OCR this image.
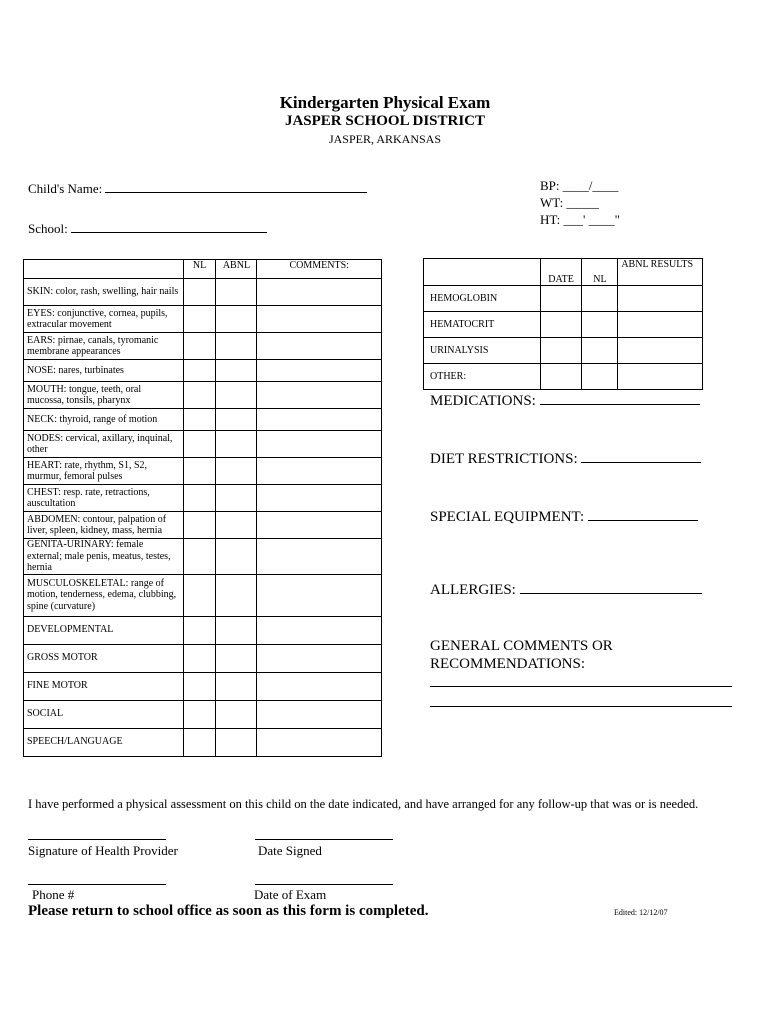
Kindergarten Physical Exam
JASPER SCHOOL DISTRICT
JASPER, ARKANSAS
Child's Name:
School:
BP: ____/____
WT: _____
HT: ___' ____"
	NL	ABNL	COMMENTS:
SKIN: color, rash, swelling, hair nails			
EYES: conjunctive, cornea, pupils, extracular movement			
EARS: pirnae, canals, tyromanic membrane appearances			
NOSE: nares, turbinates			
MOUTH: tongue, teeth, oral mucossa, tonsils, pharynx			
NECK: thyroid, range of motion			
NODES: cervical, axillary, inquinal, other			
HEART: rate, rhythm, S1, S2, murmur, femoral pulses			
CHEST: resp. rate, retractions, auscultation			
ABDOMEN: contour, palpation of liver, spleen, kidney, mass, hernia			
GENITA-URINARY: female external; male penis, meatus, testes, hernia			
MUSCULOSKELETAL: range of motion, tenderness, edema, clubbing, spine (curvature)			
DEVELOPMENTAL			
GROSS MOTOR			
FINE MOTOR			
SOCIAL			
SPEECH/LANGUAGE			
	DATE	NL	ABNL RESULTS
HEMOGLOBIN			
HEMATOCRIT			
URINALYSIS			
OTHER:			
MEDICATIONS:
DIET RESTRICTIONS:
SPECIAL EQUIPMENT:
ALLERGIES:
GENERAL COMMENTS OR
RECOMMENDATIONS:
I have performed a physical assessment on this child on the date indicated, and have arranged for any follow-up that was or is needed.
Signature of Health Provider	Date Signed
Phone #	Date of Exam
Please return to school office as soon as this form is completed.	Edited: 12/12/07
